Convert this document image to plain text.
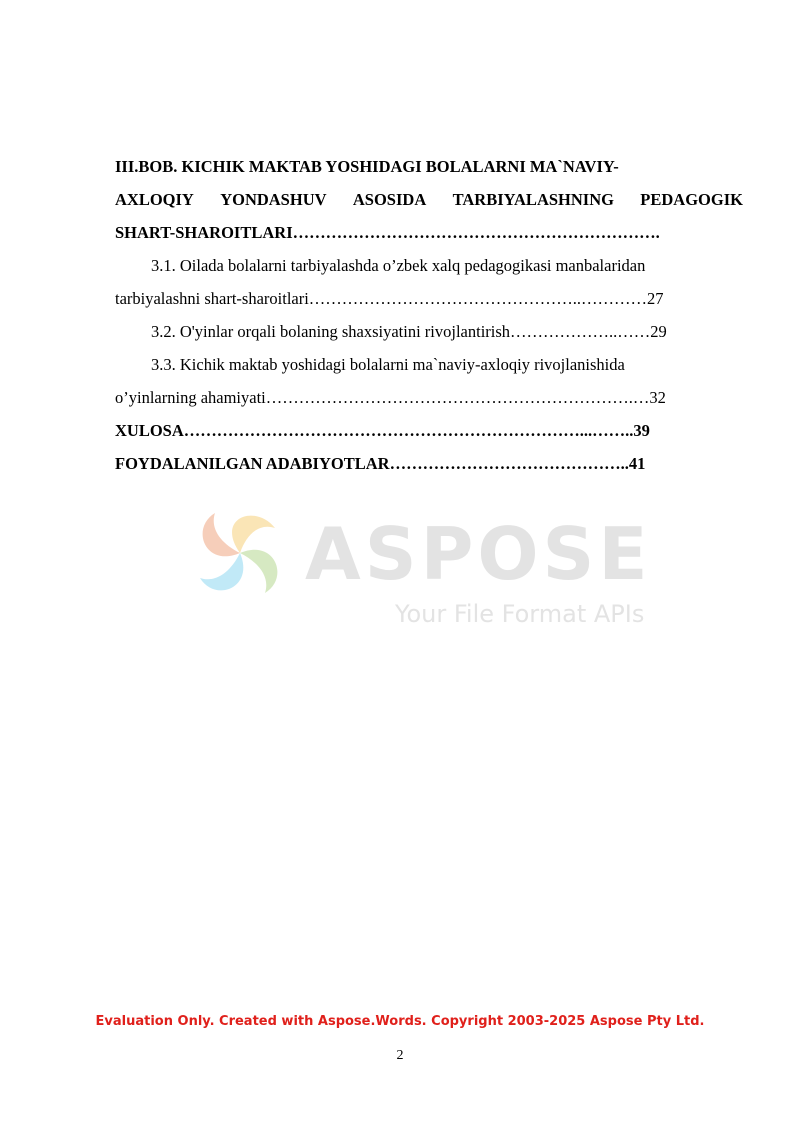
III.BOB. KICHIK MAKTAB YOSHIDAGI BOLALARNI MA`NAVIY-
AXLOQIY YONDASHUV ASOSIDA TARBIYALASHNING PEDAGOGIK
SHART-SHAROITLARI………………………………………………………….
3.1. Oilada bolalarni tarbiyalashda o’zbek xalq pedagogikasi manbalaridan
tarbiyalashni shart-sharoitlari…………………………………………..…………27
3.2. O'yinlar orqali bolaning shaxsiyatini rivojlantirish………………..……29
3.3. Kichik maktab yoshidagi bolalarni ma`naviy-axloqiy rivojlanishida
o’yinlarning ahamiyati………………………………………………………….…32
XULOSA………………………………………………………………...……..39
FOYDALANILGAN ADABIYOTLAR……………………………………..41
ASPOSE
Your File Format APIs
Evaluation Only. Created with Aspose.Words. Copyright 2003-2025 Aspose Pty Ltd.
2
